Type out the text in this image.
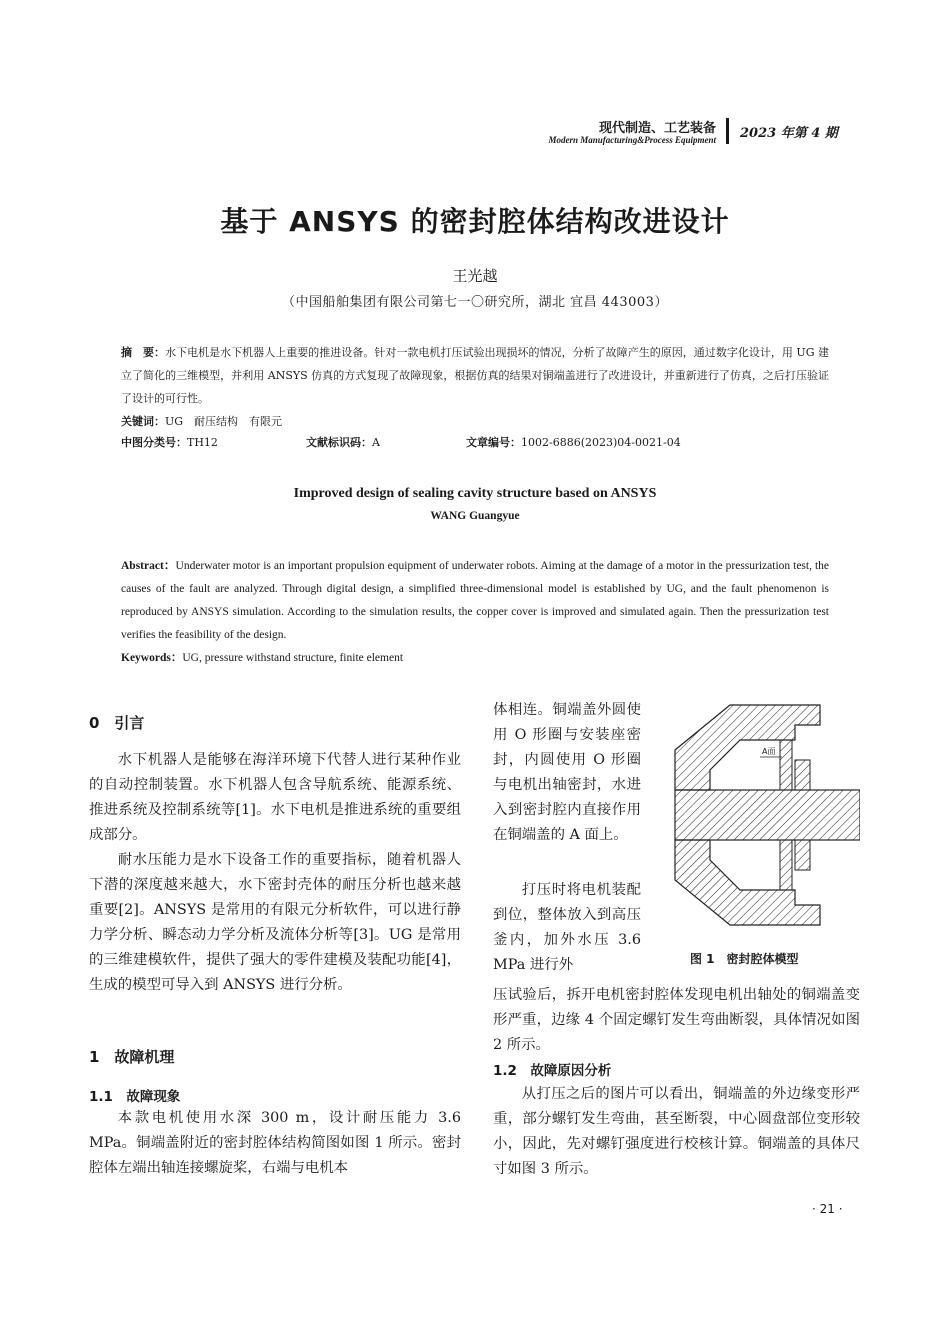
现代制造、工艺装备
Modern Manufacturing&Process Equipment 2023 年第 4 期
基于 ANSYS 的密封腔体结构改进设计
王光越
（中国船舶集团有限公司第七一〇研究所，湖北 宜昌 443003）
摘　要：水下电机是水下机器人上重要的推进设备。针对一款电机打压试验出现损坏的情况，分析了故障产生的原因，通过数字化设计，用 UG 建立了简化的三维模型，并利用 ANSYS 仿真的方式复现了故障现象，根据仿真的结果对铜端盖进行了改进设计，并重新进行了仿真，之后打压验证了设计的可行性。
关键词：UG　耐压结构　有限元
中图分类号：TH12	文献标识码：A	文章编号：1002-6886(2023)04-0021-04
Improved design of sealing cavity structure based on ANSYS
WANG Guangyue
Abstract：Underwater motor is an important propulsion equipment of underwater robots. Aiming at the damage of a motor in the pressurization test, the causes of the fault are analyzed. Through digital design, a simplified three-dimensional model is established by UG, and the fault phenomenon is reproduced by ANSYS simulation. According to the simulation results, the copper cover is improved and simulated again. Then the pressurization test verifies the feasibility of the design.
Keywords：UG, pressure withstand structure, finite element
0　引言

水下机器人是能够在海洋环境下代替人进行某种作业的自动控制装置。水下机器人包含导航系统、能源系统、推进系统及控制系统等[1]。水下电机是推进系统的重要组成部分。

耐水压能力是水下设备工作的重要指标，随着机器人下潜的深度越来越大，水下密封壳体的耐压分析也越来越重要[2]。ANSYS 是常用的有限元分析软件，可以进行静力学分析、瞬态动力学分析及流体分析等[3]。UG 是常用的三维建模软件，提供了强大的零件建模及装配功能[4]，生成的模型可导入到 ANSYS 进行分析。

1　故障机理
1.1　故障现象

本款电机使用水深 300 m，设计耐压能力 3.6 MPa。铜端盖附近的密封腔体结构简图如图 1 所示。密封腔体左端出轴连接螺旋桨，右端与电机本

体相连。铜端盖外圆使用 O 形圈与安装座密封，内圆使用 O 形圈与电机出轴密封，水进入到密封腔内直接作用在铜端盖的 A 面上。

打压时将电机装配到位，整体放入到高压釜内，加外水压 3.6 MPa 进行外

压试验后，拆开电机密封腔体发现电机出轴处的铜端盖变形严重，边缘 4 个固定螺钉发生弯曲断裂，具体情况如图 2 所示。

1.2　故障原因分析

从打压之后的图片可以看出，铜端盖的外边缘变形严重，部分螺钉发生弯曲，甚至断裂，中心圆盘部位变形较小，因此，先对螺钉强度进行校核计算。铜端盖的具体尺寸如图 3 所示。

A面
图 1　密封腔体模型
· 21 ·
